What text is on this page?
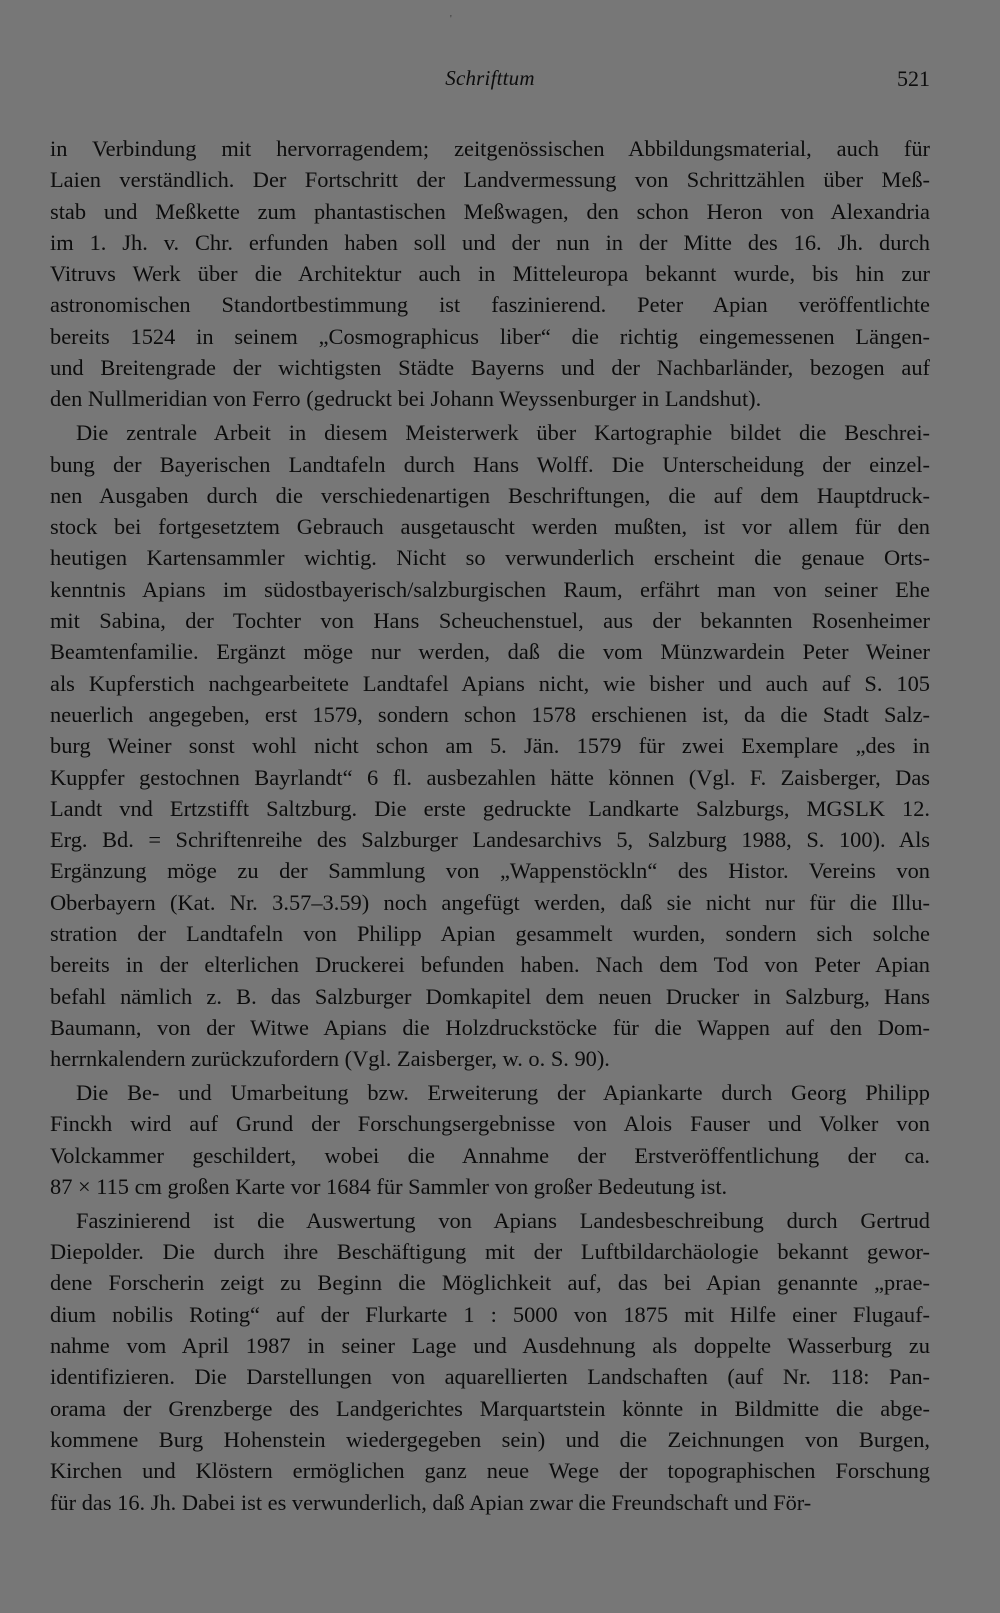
'
Schrifttum	521
in Verbindung mit hervorragendem; zeitgenössischen Abbildungsmaterial, auch für
Laien verständlich. Der Fortschritt der Landvermessung von Schrittzählen über Meß-
stab und Meßkette zum phantastischen Meßwagen, den schon Heron von Alexandria
im 1. Jh. v. Chr. erfunden haben soll und der nun in der Mitte des 16. Jh. durch
Vitruvs Werk über die Architektur auch in Mitteleuropa bekannt wurde, bis hin zur
astronomischen Standortbestimmung ist faszinierend. Peter Apian veröffentlichte
bereits 1524 in seinem „Cosmographicus liber“ die richtig eingemessenen Längen-
und Breitengrade der wichtigsten Städte Bayerns und der Nachbarländer, bezogen auf
den Nullmeridian von Ferro (gedruckt bei Johann Weyssenburger in Landshut).
Die zentrale Arbeit in diesem Meisterwerk über Kartographie bildet die Beschrei-
bung der Bayerischen Landtafeln durch Hans Wolff. Die Unterscheidung der einzel-
nen Ausgaben durch die verschiedenartigen Beschriftungen, die auf dem Hauptdruck-
stock bei fortgesetztem Gebrauch ausgetauscht werden mußten, ist vor allem für den
heutigen Kartensammler wichtig. Nicht so verwunderlich erscheint die genaue Orts-
kenntnis Apians im südostbayerisch/salzburgischen Raum, erfährt man von seiner Ehe
mit Sabina, der Tochter von Hans Scheuchenstuel, aus der bekannten Rosenheimer
Beamtenfamilie. Ergänzt möge nur werden, daß die vom Münzwardein Peter Weiner
als Kupferstich nachgearbeitete Landtafel Apians nicht, wie bisher und auch auf S. 105
neuerlich angegeben, erst 1579, sondern schon 1578 erschienen ist, da die Stadt Salz-
burg Weiner sonst wohl nicht schon am 5. Jän. 1579 für zwei Exemplare „des in
Kuppfer gestochnen Bayrlandt“ 6 fl. ausbezahlen hätte können (Vgl. F. Zaisberger, Das
Landt vnd Ertzstifft Saltzburg. Die erste gedruckte Landkarte Salzburgs, MGSLK 12.
Erg. Bd. = Schriftenreihe des Salzburger Landesarchivs 5, Salzburg 1988, S. 100). Als
Ergänzung möge zu der Sammlung von „Wappenstöckln“ des Histor. Vereins von
Oberbayern (Kat. Nr. 3.57–3.59) noch angefügt werden, daß sie nicht nur für die Illu-
stration der Landtafeln von Philipp Apian gesammelt wurden, sondern sich solche
bereits in der elterlichen Druckerei befunden haben. Nach dem Tod von Peter Apian
befahl nämlich z. B. das Salzburger Domkapitel dem neuen Drucker in Salzburg, Hans
Baumann, von der Witwe Apians die Holzdruckstöcke für die Wappen auf den Dom-
herrnkalendern zurückzufordern (Vgl. Zaisberger, w. o. S. 90).
Die Be- und Umarbeitung bzw. Erweiterung der Apiankarte durch Georg Philipp
Finckh wird auf Grund der Forschungsergebnisse von Alois Fauser und Volker von
Volckammer geschildert, wobei die Annahme der Erstveröffentlichung der ca.
87 × 115 cm großen Karte vor 1684 für Sammler von großer Bedeutung ist.
Faszinierend ist die Auswertung von Apians Landesbeschreibung durch Gertrud
Diepolder. Die durch ihre Beschäftigung mit der Luftbildarchäologie bekannt gewor-
dene Forscherin zeigt zu Beginn die Möglichkeit auf, das bei Apian genannte „prae-
dium nobilis Roting“ auf der Flurkarte 1 : 5000 von 1875 mit Hilfe einer Flugauf-
nahme vom April 1987 in seiner Lage und Ausdehnung als doppelte Wasserburg zu
identifizieren. Die Darstellungen von aquarellierten Landschaften (auf Nr. 118: Pan-
orama der Grenzberge des Landgerichtes Marquartstein könnte in Bildmitte die abge-
kommene Burg Hohenstein wiedergegeben sein) und die Zeichnungen von Burgen,
Kirchen und Klöstern ermöglichen ganz neue Wege der topographischen Forschung
für das 16. Jh. Dabei ist es verwunderlich, daß Apian zwar die Freundschaft und För-
